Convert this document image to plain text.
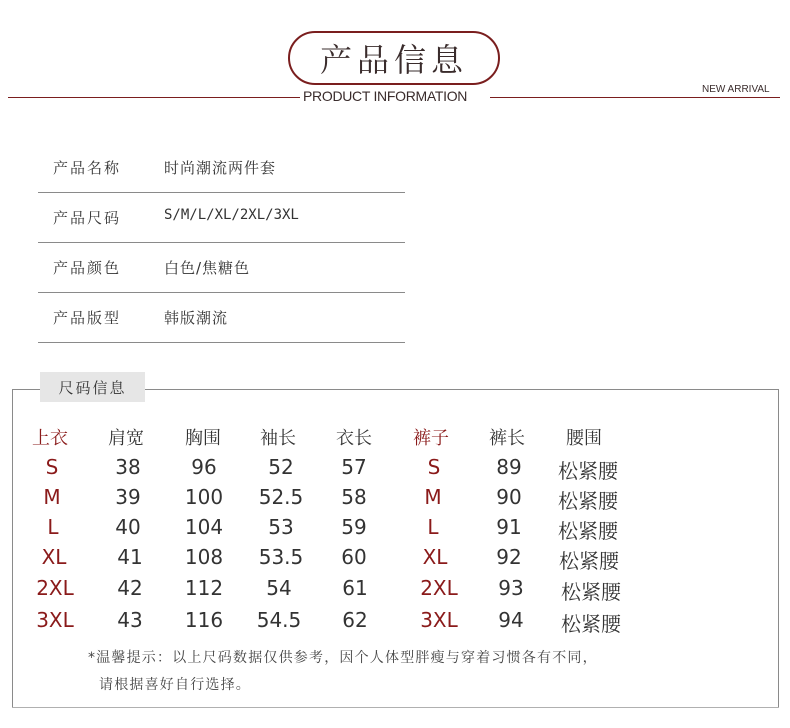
产品信息
PRODUCT INFORMATION	NEW ARRIVAL
产品名称	时尚潮流两件套
产品尺码	S/M/L/XL/2XL/3XL
产品颜色	白色/焦糖色
产品版型	韩版潮流
尺码信息
上衣	肩宽	胸围	袖长	衣长	裤子	裤长	腰围
S	38	96	52	57	S	89	松紧腰
M	39	100	52.5	58	M	90	松紧腰
L	40	104	53	59	L	91	松紧腰
XL	41	108	53.5	60	XL	92	松紧腰
2XL	42	112	54	61	2XL	93	松紧腰
3XL	43	116	54.5	62	3XL	94	松紧腰
*温馨提示：以上尺码数据仅供参考，因个人体型胖瘦与穿着习惯各有不同，
请根据喜好自行选择。
